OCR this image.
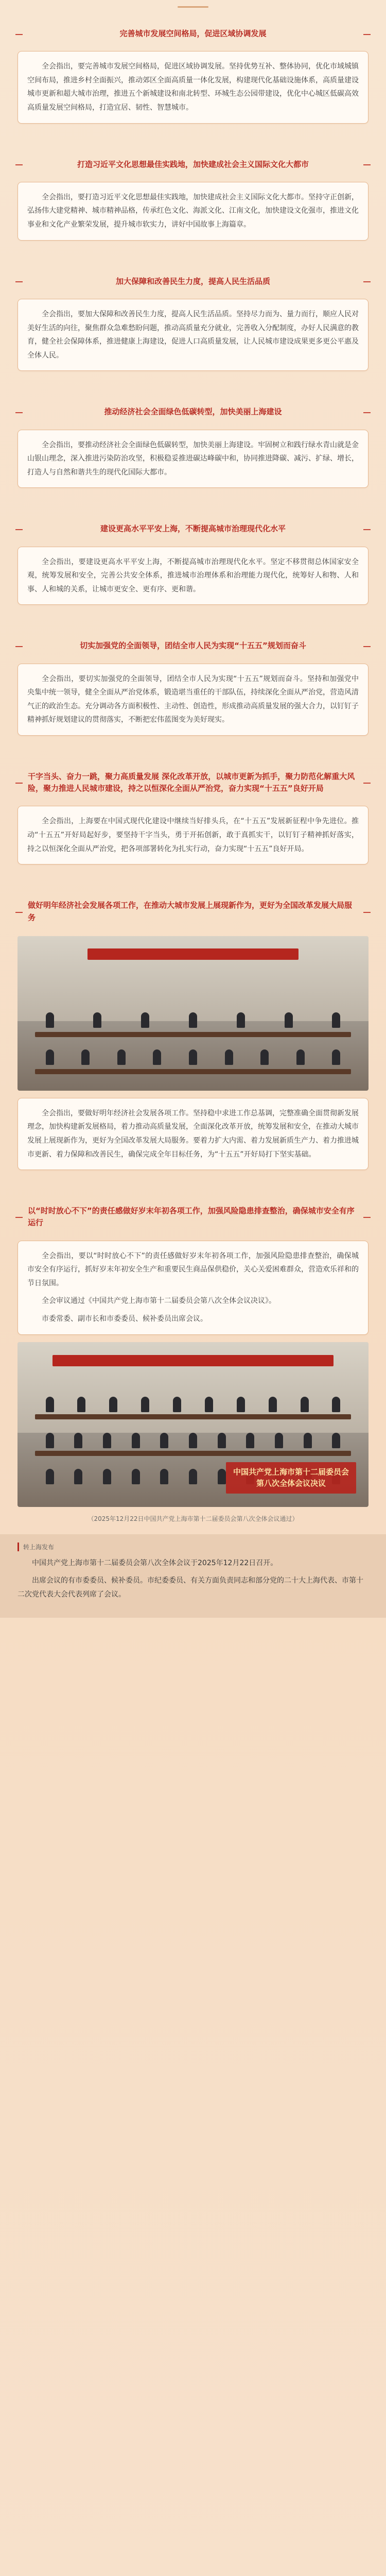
完善城市发展空间格局，促进区域协调发展

全会指出，要完善城市发展空间格局，促进区域协调发展。坚持优势互补、整体协同，优化市域城镇空间布局，推进乡村全面振兴，推动郊区全面高质量一体化发展，构建现代化基础设施体系，高质量建设城市更新和超大城市治理，推进五个新城建设和南北转型、环城生态公园带建设，优化中心城区低碳高效高质量发展空间格局，打造宜居、韧性、智慧城市。

打造习近平文化思想最佳实践地，加快建成社会主义国际文化大都市

全会指出，要打造习近平文化思想最佳实践地，加快建成社会主义国际文化大都市。坚持守正创新，弘扬伟大建党精神、城市精神品格，传承红色文化、海派文化、江南文化，加快建设文化强市，推进文化事业和文化产业繁荣发展，提升城市软实力，讲好中国故事上海篇章。

加大保障和改善民生力度，提高人民生活品质

全会指出，要加大保障和改善民生力度，提高人民生活品质。坚持尽力而为、量力而行，顺应人民对美好生活的向往，聚焦群众急难愁盼问题，推动高质量充分就业，完善收入分配制度，办好人民满意的教育，健全社会保障体系，推进健康上海建设，促进人口高质量发展，让人民城市建设成果更多更公平惠及全体人民。

推动经济社会全面绿色低碳转型，加快美丽上海建设

全会指出，要推动经济社会全面绿色低碳转型，加快美丽上海建设。牢固树立和践行绿水青山就是金山银山理念，深入推进污染防治攻坚，积极稳妥推进碳达峰碳中和，协同推进降碳、减污、扩绿、增长，打造人与自然和谐共生的现代化国际大都市。

建设更高水平平安上海，不断提高城市治理现代化水平

全会指出，要建设更高水平平安上海，不断提高城市治理现代化水平。坚定不移贯彻总体国家安全观，统筹发展和安全，完善公共安全体系，推进城市治理体系和治理能力现代化，统筹好人和物、人和事、人和城的关系，让城市更安全、更有序、更和谐。

切实加强党的全面领导，团结全市人民为实现“十五五”规划而奋斗

全会指出，要切实加强党的全面领导，团结全市人民为实现“十五五”规划而奋斗。坚持和加强党中央集中统一领导，健全全面从严治党体系，锻造堪当重任的干部队伍，持续深化全面从严治党，营造风清气正的政治生态。充分调动各方面积极性、主动性、创造性，形成推动高质量发展的强大合力，以钉钉子精神抓好规划建议的贯彻落实，不断把宏伟蓝图变为美好现实。

干字当头、奋力一跳，聚力高质量发展 深化改革开放，以城市更新为抓手，聚力防范化解重大风险，聚力推进人民城市建设，持之以恒深化全面从严治党，奋力实现“十五五”良好开局

全会指出，上海要在中国式现代化建设中继续当好排头兵，在“十五五”发展新征程中争先进位。推动“十五五”开好局起好步，要坚持干字当头，勇于开拓创新，敢于真抓实干，以钉钉子精神抓好落实，持之以恒深化全面从严治党，把各项部署转化为扎实行动，奋力实现“十五五”良好开局。

做好明年经济社会发展各项工作，在推动大城市发展上展现新作为，更好为全国改革发展大局服务

全会指出，要做好明年经济社会发展各项工作。坚持稳中求进工作总基调，完整准确全面贯彻新发展理念，加快构建新发展格局，着力推动高质量发展，全面深化改革开放，统筹发展和安全，在推动大城市发展上展现新作为，更好为全国改革发展大局服务。要着力扩大内需、着力发展新质生产力、着力推进城市更新、着力保障和改善民生，确保完成全年目标任务，为“十五五”开好局打下坚实基础。

以“时时放心不下”的责任感做好岁末年初各项工作，加强风险隐患排查整治，确保城市安全有序运行

全会指出，要以“时时放心不下”的责任感做好岁末年初各项工作，加强风险隐患排查整治，确保城市安全有序运行，抓好岁末年初安全生产和重要民生商品保供稳价，关心关爱困难群众，营造欢乐祥和的节日氛围。

全会审议通过《中国共产党上海市第十二届委员会第八次全体会议决议》。

市委常委、副市长和市委委员、候补委员出席会议。

中国共产党上海市第十二届委员会
第八次全体会议决议
（2025年12月22日中国共产党上海市第十二届委员会第八次全体会议通过）
转上海发布

中国共产党上海市第十二届委员会第八次全体会议于2025年12月22日召开。

出席会议的有市委委员、候补委员。市纪委委员、有关方面负责同志和部分党的二十大上海代表、市第十二次党代表大会代表列席了会议。
